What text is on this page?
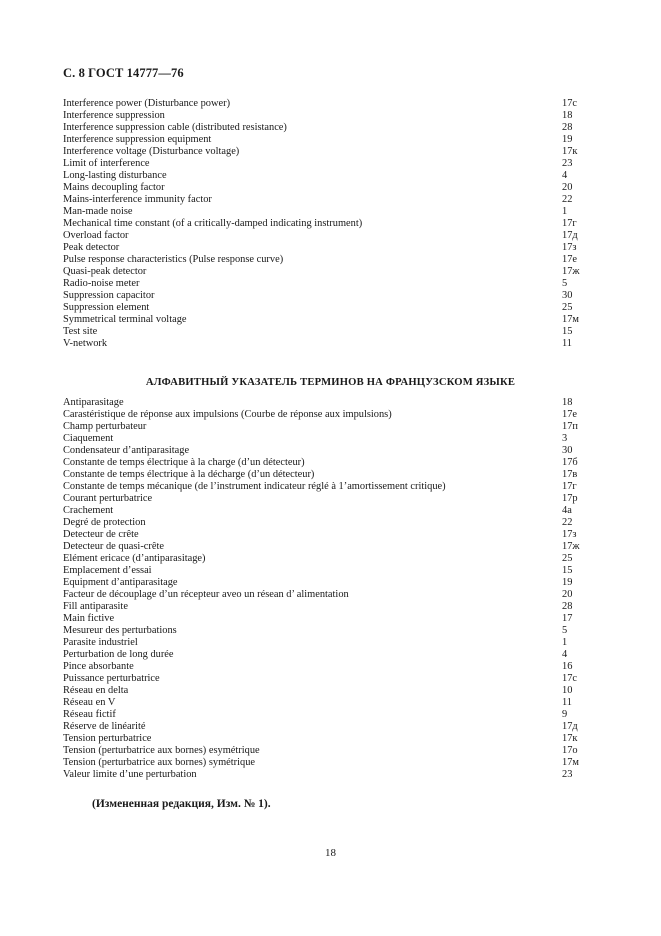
С. 8 ГОСТ 14777—76
Interference power (Disturbance power)	17с
Interference suppression	18
Interference suppression cable (distributed resistance)	28
Interference suppression equipment	19
Interference voltage (Disturbance voltage)	17к
Limit of interference	23
Long-lasting disturbance	4
Mains decoupling factor	20
Mains-interference immunity factor	22
Man-made noise	1
Mechanical time constant (of a critically-damped indicating instrument)	17г
Overload factor	17д
Peak detector	17з
Pulse response characteristics (Pulse response curve)	17е
Quasi-peak detector	17ж
Radio-noise meter	5
Suppression capacitor	30
Suppression element	25
Symmetrical terminal voltage	17м
Test site	15
V-network	11
АЛФАВИТНЫЙ УКАЗАТЕЛЬ ТЕРМИНОВ НА ФРАНЦУЗСКОМ ЯЗЫКЕ
Antiparasitage	18
Carastéristique de réponse aux impulsions (Courbe de réponse aux impulsions)	17е
Champ perturbateur	17п
Ciaquement	3
Condensateur d’antiparasitage	30
Constante de temps électrique à la charge (d’un détecteur)	17б
Constante de temps électrique à la décharge (d’un détecteur)	17в
Constante de temps mécanique (de l’instrument indicateur réglé à 1’amortissement critique)	17г
Courant perturbatrice	17р
Crachement	4а
Degré de protection	22
Detecteur de crête	17з
Detecteur de quasi-crête	17ж
Elément ericace (d’antiparasitage)	25
Emplacement d’essai	15
Equipment d’antiparasitage	19
Facteur de découplage d’un récepteur aveo un résean d’ alimentation	20
Fill antiparasite	28
Main fictive	17
Mesureur des perturbations	5
Parasite industriel	1
Perturbation de long durée	4
Pince absorbante	16
Puissance perturbatrice	17с
Réseau en delta	10
Réseau en V	11
Réseau fictif	9
Réserve de linéarité	17д
Tension perturbatrice	17к
Tension (perturbatrice aux bornes) esymétrique	17о
Tension (perturbatrice aux bornes) symétrique	17м
Valeur limite d’une perturbation	23
(Измененная редакция, Изм. № 1).
18
